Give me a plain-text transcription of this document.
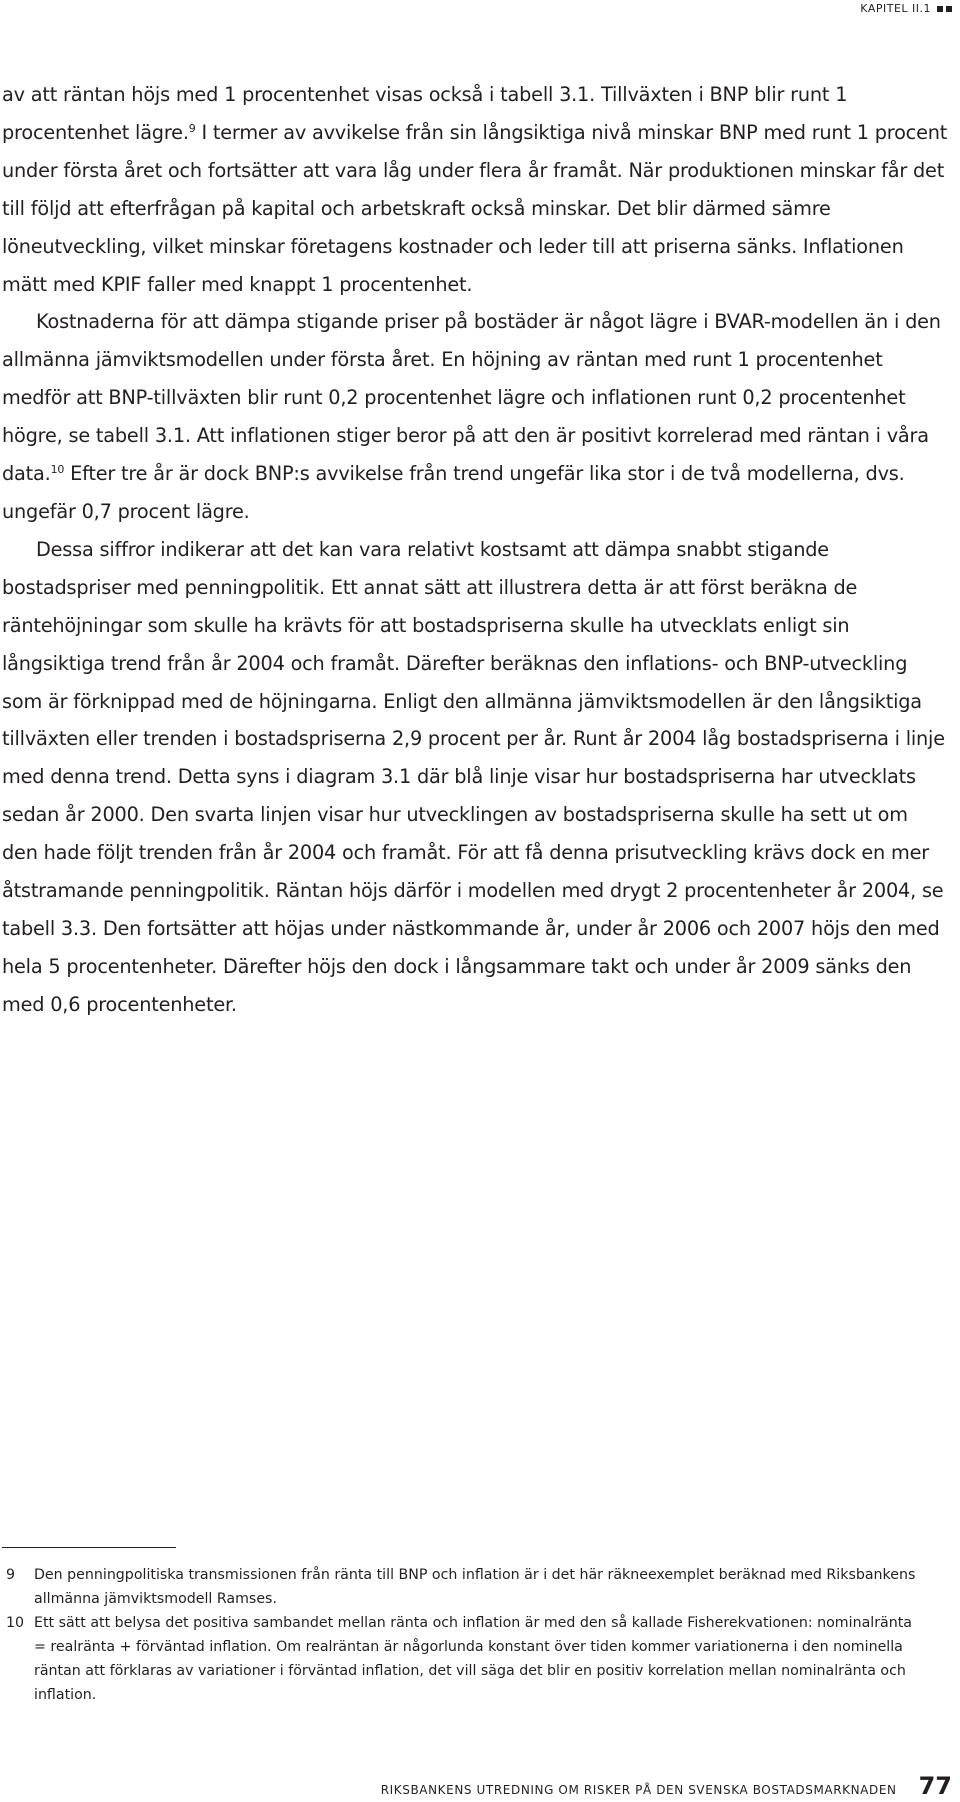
KAPITEL II.1

av att räntan höjs med 1 procentenhet visas också i tabell 3.1. Tillväxten i BNP blir runt 1 procentenhet lägre.$^9$ I termer av avvikelse från sin långsiktiga nivå minskar BNP med runt 1 procent under första året och fortsätter att vara låg under flera år framåt. När produktionen minskar får det till följd att efterfrågan på kapital och arbetskraft också minskar. Det blir därmed sämre löneutveckling, vilket minskar företagens kostnader och leder till att priserna sänks. Inflationen mätt med KPIF faller med knappt 1 procentenhet.

Kostnaderna för att dämpa stigande priser på bostäder är något lägre i BVAR-modellen än i den allmänna jämviktsmodellen under första året. En höjning av räntan med runt 1 procentenhet medför att BNP-tillväxten blir runt 0,2 procentenhet lägre och inflationen runt 0,2 procentenhet högre, se tabell 3.1. Att inflationen stiger beror på att den är positivt korrelerad med räntan i våra data.$^{10}$ Efter tre år är dock BNP:s avvikelse från trend ungefär lika stor i de två modellerna, dvs. ungefär 0,7 procent lägre.

Dessa siffror indikerar att det kan vara relativt kostsamt att dämpa snabbt stigande bostadspriser med penningpolitik. Ett annat sätt att illustrera detta är att först beräkna de räntehöjningar som skulle ha krävts för att bostadspriserna skulle ha utvecklats enligt sin långsiktiga trend från år 2004 och framåt. Därefter beräknas den inflations- och BNP-utveckling som är förknippad med de höjningarna. Enligt den allmänna jämviktsmodellen är den långsiktiga tillväxten eller trenden i bostadspriserna 2,9 procent per år. Runt år 2004 låg bostadspriserna i linje med denna trend. Detta syns i diagram 3.1 där blå linje visar hur bostadspriserna har utvecklats sedan år 2000. Den svarta linjen visar hur utvecklingen av bostadspriserna skulle ha sett ut om den hade följt trenden från år 2004 och framåt. För att få denna prisutveckling krävs dock en mer åtstramande penningpolitik. Räntan höjs därför i modellen med drygt 2 procentenheter år 2004, se tabell 3.3. Den fortsätter att höjas under nästkommande år, under år 2006 och 2007 höjs den med hela 5 procentenheter. Därefter höjs den dock i långsammare takt och under år 2009 sänks den med 0,6 procentenheter.

9	Den penningpolitiska transmissionen från ränta till BNP och inflation är i det här räkneexemplet beräknad med Riksbankens allmänna jämviktsmodell Ramses.
10 Ett sätt att belysa det positiva sambandet mellan ränta och inflation är med den så kallade Fisherekvationen: nominalränta = realränta + förväntad inflation. Om realräntan är någorlunda konstant över tiden kommer variationerna i den nominella räntan att förklaras av variationer i förväntad inflation, det vill säga det blir en positiv korrelation mellan nominalränta och inflation.
RIKSBANKENS UTREDNING OM RISKER PÅ DEN SVENSKA BOSTADSMARKNADEN 77
